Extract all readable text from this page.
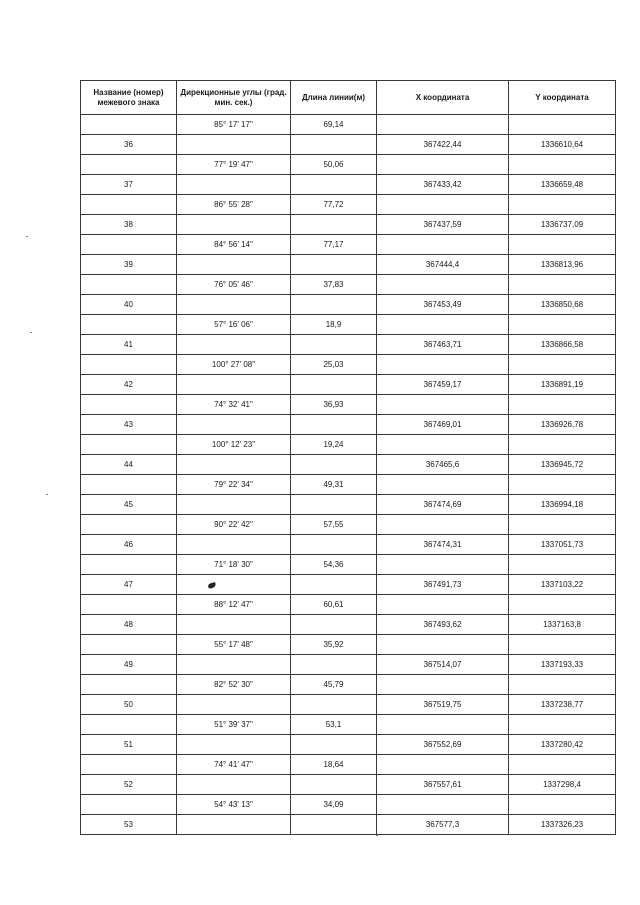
Название (номер) межевого знака	Дирекционные углы (град. мин. сек.)	Длина линии(м)	Х координата	Y координата
	85° 17' 17"	69,14		
36			367422,44	1336610,64
	77° 19' 47"	50,06		
37			367433,42	1336659,48
	86° 55' 28"	77,72		
38			367437,59	1336737,09
	84° 56' 14"	77,17		
39			367444,4	1336813,96
	76° 05' 46"	37,83		
40			367453,49	1336850,68
	57° 16' 06"	18,9		
41			367463,71	1336866,58
	100° 27' 08"	25,03		
42			367459,17	1336891,19
	74° 32' 41"	36,93		
43			367469,01	1336926,78
	100° 12' 23"	19,24		
44			367465,6	1336945,72
	79° 22' 34"	49,31		
45			367474,69	1336994,18
	90° 22' 42"	57,55		
46			367474,31	1337051,73
	71° 18' 30"	54,36		
47			367491,73	1337103,22
	88° 12' 47"	60,61		
48			367493,62	1337163,8
	55° 17' 48"	35,92		
49			367514,07	1337193,33
	82° 52' 30"	45,79		
50			367519,75	1337238,77
	51° 39' 37"	53,1		
51			367552,69	1337280,42
	74° 41' 47"	18,64		
52			367557,61	1337298,4
	54° 43' 13"	34,09		
53			367577,3	1337326,23
